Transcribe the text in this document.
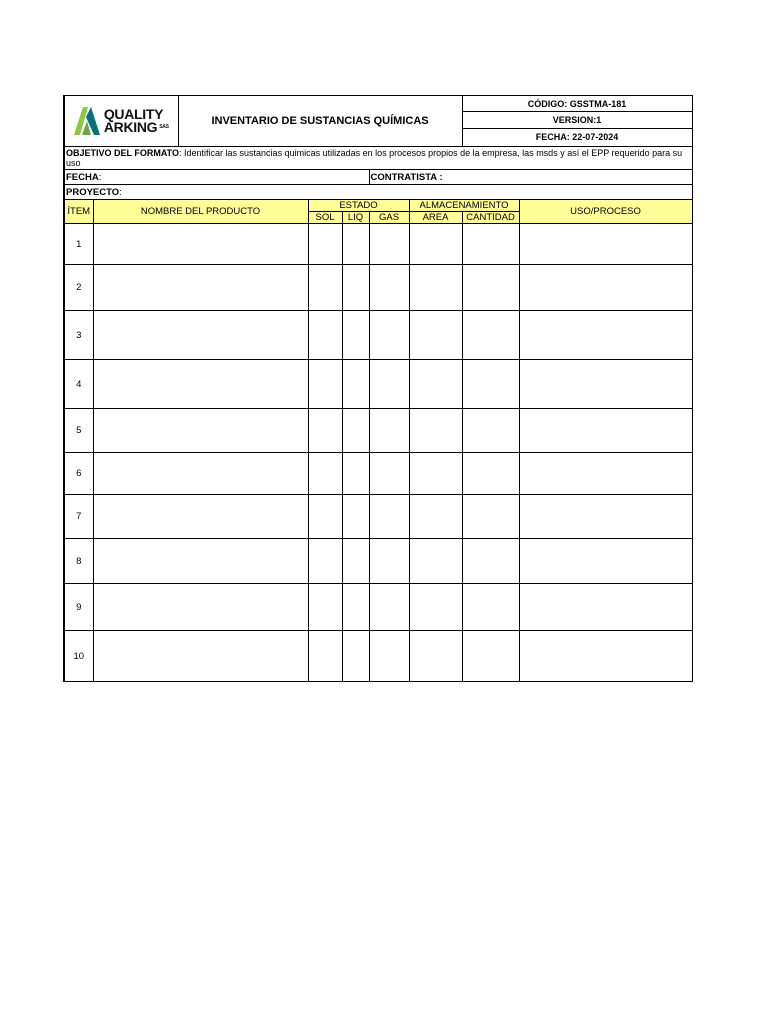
QUALITY
ARKING SAS		INVENTARIO DE SUSTANCIAS QUÍMICAS					CÓDIGO: GSSTMA-181	
							VERSION:1	
							FECHA: 22-07-2024	
OBJETIVO DEL FORMATO: Identificar las sustancias quimicas utilizadas en los procesos propios de la empresa, las msds y así el EPP requerido para su uso								
FECHA:					CONTRATISTA :			
PROYECTO:								
ÍTEM	NOMBRE DEL PRODUCTO		ESTADO			ALMACENAMIENTO		USO/PROCESO
			SOL	LIQ	GAS	AREA	CANTIDAD	
1								
2								
3								
4								
5								
6								
7								
8								
9								
10								
